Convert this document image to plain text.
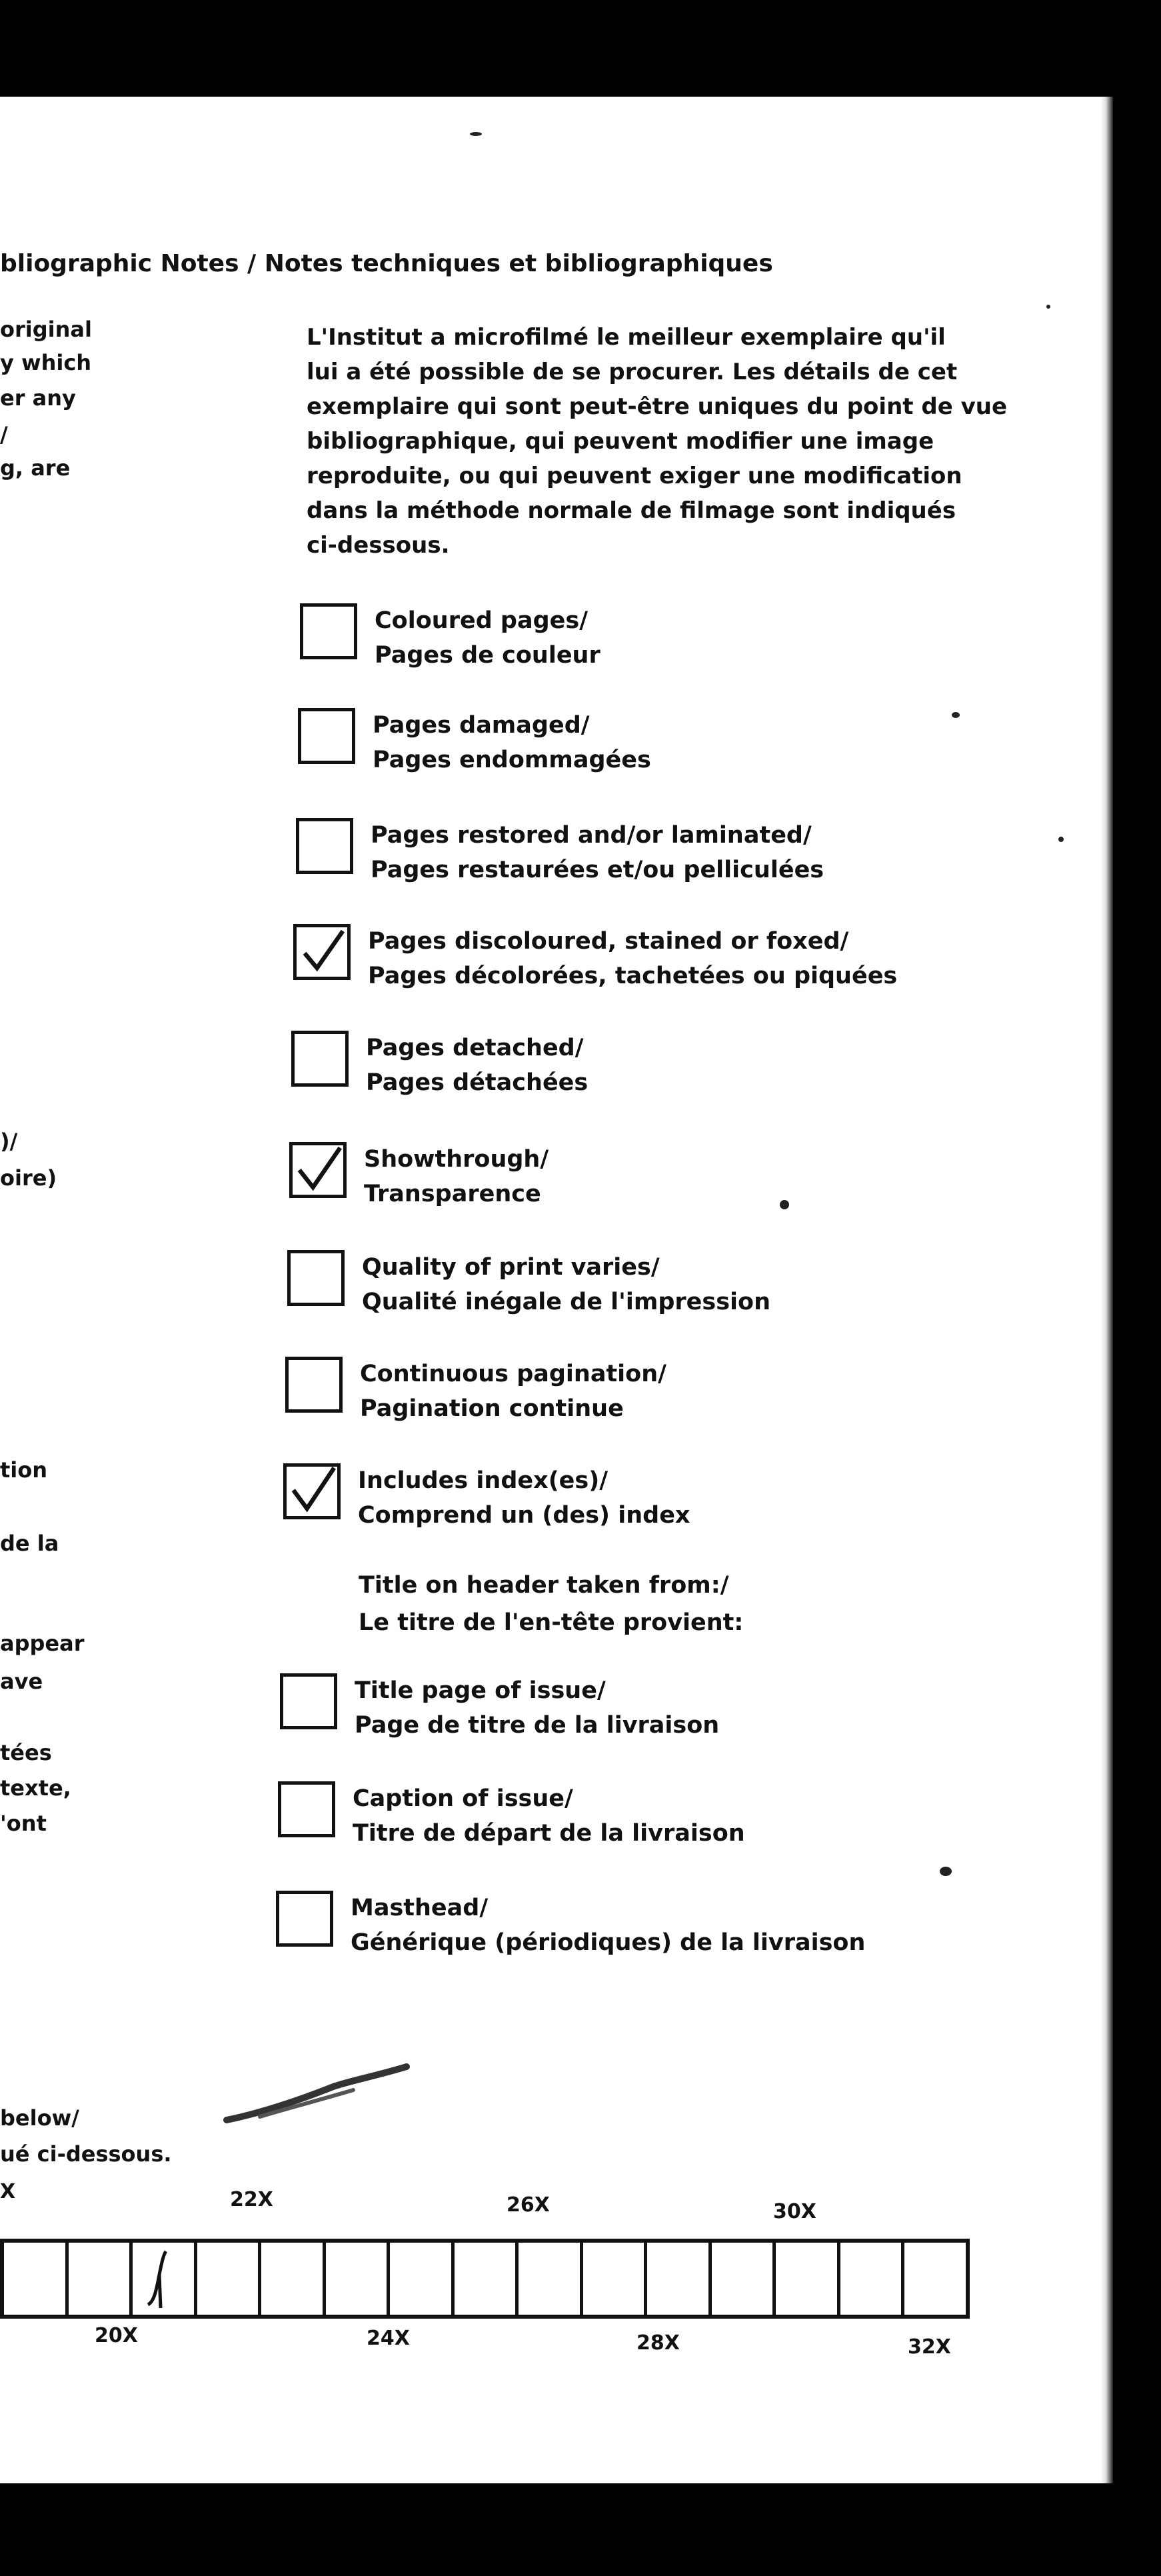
bliographic Notes / Notes techniques et bibliographiques
original
y which
er any
/
g, are
)/
oire)
tion
de la
appear
ave
tées
texte,
'ont
L'Institut a microfilmé le meilleur exemplaire qu'il
lui a été possible de se procurer. Les détails de cet
exemplaire qui sont peut-être uniques du point de vue
bibliographique, qui peuvent modifier une image
reproduite, ou qui peuvent exiger une modification
dans la méthode normale de filmage sont indiqués
ci-dessous.
Coloured pages/
Pages de couleur
Pages damaged/
Pages endommagées
Pages restored and/or laminated/
Pages restaurées et/ou pelliculées
Pages discoloured, stained or foxed/
Pages décolorées, tachetées ou piquées
Pages detached/
Pages détachées
Showthrough/
Transparence
Quality of print varies/
Qualité inégale de l'impression
Continuous pagination/
Pagination continue
Includes index(es)/
Comprend un (des) index
Title on header taken from:/
Le titre de l'en-tête provient:
Title page of issue/
Page de titre de la livraison
Caption of issue/
Titre de départ de la livraison
Masthead/
Générique (périodiques) de la livraison
below/
ué ci-dessous.
X	22X	26X	30X
20X	24X	28X	32X
